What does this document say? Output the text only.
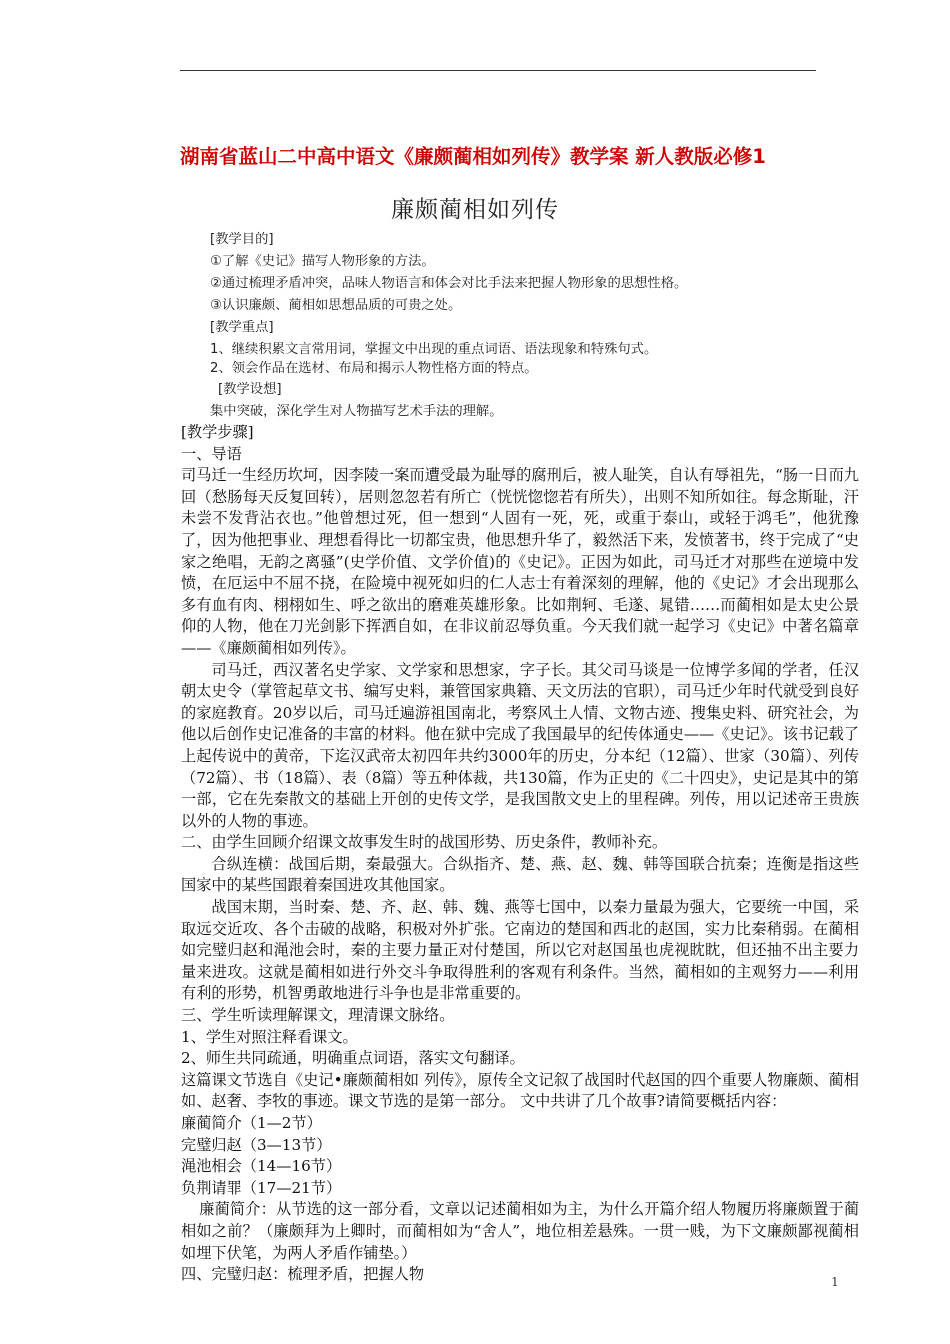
湖南省蓝山二中高中语文《廉颇蔺相如列传》教学案 新人教版必修1
廉颇蔺相如列传
[教学目的]
①了解《史记》描写人物形象的方法。
②通过梳理矛盾冲突，品味人物语言和体会对比手法来把握人物形象的思想性格。
③认识廉颇、蔺相如思想品质的可贵之处。
[教学重点]
1、继续积累文言常用词，掌握文中出现的重点词语、语法现象和特殊句式。
2、领会作品在选材、布局和揭示人物性格方面的特点。
[教学设想]
集中突破，深化学生对人物描写艺术手法的理解。

[教学步骤]

一、导语

司马迁一生经历坎坷，因李陵一案而遭受最为耻辱的腐刑后，被人耻笑，自认有辱祖先，“肠一日而九回（愁肠每天反复回转），居则忽忽若有所亡（恍恍惚惚若有所失），出则不知所如往。每念斯耻，汗未尝不发背沾衣也。”他曾想过死，但一想到“人固有一死，死，或重于泰山，或轻于鸿毛”，他犹豫了，因为他把事业、理想看得比一切都宝贵，他思想升华了，毅然活下来，发愤著书，终于完成了“史家之绝唱，无韵之离骚”(史学价值、文学价值)的《史记》。正因为如此，司马迁才对那些在逆境中发愤，在厄运中不屈不挠，在险境中视死如归的仁人志士有着深刻的理解，他的《史记》才会出现那么多有血有肉、栩栩如生、呼之欲出的磨难英雄形象。比如荆轲、毛遂、晁错……而蔺相如是太史公景仰的人物，他在刀光剑影下挥洒自如，在非议前忍辱负重。今天我们就一起学习《史记》中著名篇章——《廉颇蔺相如列传》。

司马迁，西汉著名史学家、文学家和思想家，字子长。其父司马谈是一位博学多闻的学者，任汉朝太史令（掌管起草文书、编写史料，兼管国家典籍、天文历法的官职），司马迁少年时代就受到良好的家庭教育。20岁以后，司马迁遍游祖国南北，考察风土人情、文物古迹、搜集史料、研究社会，为他以后创作史记准备的丰富的材料。他在狱中完成了我国最早的纪传体通史——《史记》。该书记载了上起传说中的黄帝，下迄汉武帝太初四年共约3000年的历史，分本纪（12篇）、世家（30篇）、列传（72篇）、书（18篇）、表（8篇）等五种体裁，共130篇，作为正史的《二十四史》，史记是其中的第一部，它在先秦散文的基础上开创的史传文学，是我国散文史上的里程碑。列传，用以记述帝王贵族以外的人物的事迹。

二、由学生回顾介绍课文故事发生时的战国形势、历史条件，教师补充。

合纵连横：战国后期，秦最强大。合纵指齐、楚、燕、赵、魏、韩等国联合抗秦；连衡是指这些国家中的某些国跟着秦国进攻其他国家。

战国末期，当时秦、楚、齐、赵、韩、魏、燕等七国中，以秦力量最为强大，它要统一中国，采取远交近攻、各个击破的战略，积极对外扩张。它南边的楚国和西北的赵国，实力比秦稍弱。在蔺相如完璧归赵和渑池会时，秦的主要力量正对付楚国，所以它对赵国虽也虎视眈眈，但还抽不出主要力量来进攻。这就是蔺相如进行外交斗争取得胜利的客观有利条件。当然，蔺相如的主观努力——利用有利的形势，机智勇敢地进行斗争也是非常重要的。

三、学生听读理解课文，理清课文脉络。

1、学生对照注释看课文。

2、师生共同疏通，明确重点词语，落实文句翻译。

这篇课文节选自《史记•廉颇蔺相如 列传》，原传全文记叙了战国时代赵国的四个重要人物廉颇、蔺相如、赵奢、李牧的事迹。课文节选的是第一部分。 文中共讲了几个故事?请简要概括内容：

廉蔺简介（1—2节）

完璧归赵（3—13节）

渑池相会（14—16节）

负荆请罪（17—21节）

廉蔺简介：从节选的这一部分看，文章以记述蔺相如为主，为什么开篇介绍人物履历将廉颇置于蔺相如之前？（廉颇拜为上卿时，而蔺相如为“舍人”，地位相差悬殊。一贯一贱，为下文廉颇鄙视蔺相如埋下伏笔，为两人矛盾作铺垫。）

四、完璧归赵：梳理矛盾，把握人物	1
